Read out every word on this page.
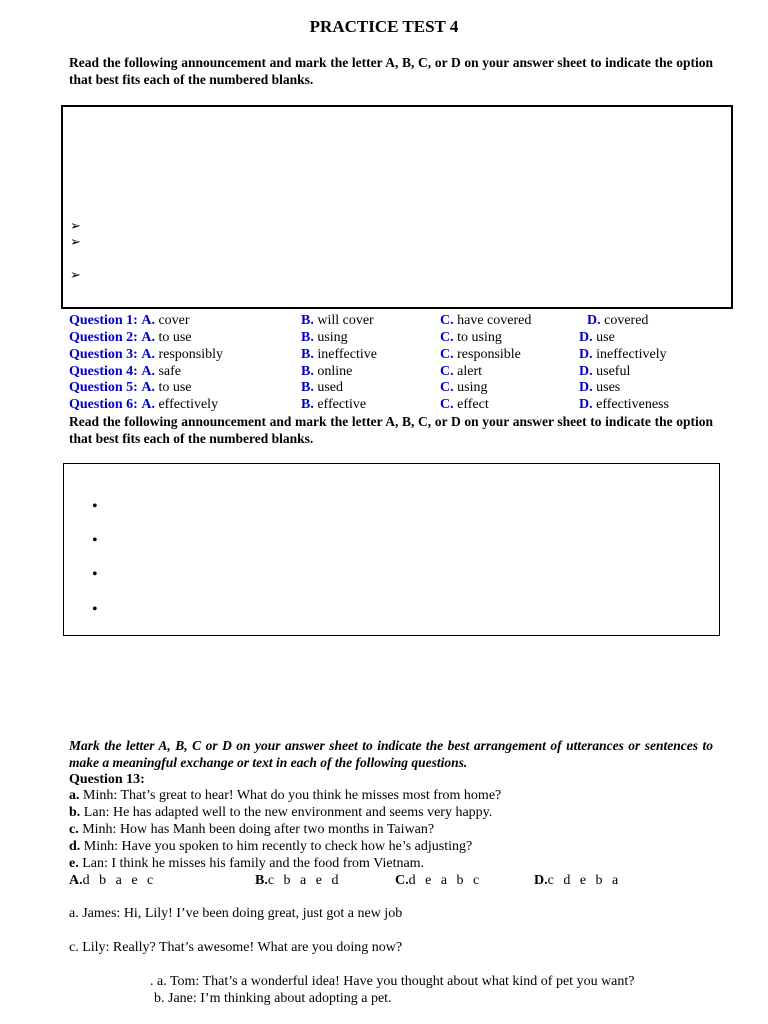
PRACTICE TEST 4
Read the following announcement and mark the letter A, B, C, or D on your answer sheet to indicate the option that best fits each of the numbered blanks.
➢
➢
➢
Question 1: A. cover	B. will cover	C. have covered	D. covered
Question 2: A. to use	B. using	C. to using	D. use
Question 3: A. responsibly	B. ineffective	C. responsible	D. ineffectively
Question 4: A. safe	B. online	C. alert	D. useful
Question 5: A. to use	B. used	C. using	D. uses
Question 6: A. effectively	B. effective	C. effect	D. effectiveness
Read the following announcement and mark the letter A, B, C, or D on your answer sheet to indicate the option that best fits each of the numbered blanks.
•
•
•
•
Mark the letter A, B, C or D on your answer sheet to indicate the best arrangement of utterances or sentences to make a meaningful exchange or text in each of the following questions.
Question 13:
a. Minh: That’s great to hear! What do you think he misses most from home?
b. Lan: He has adapted well to the new environment and seems very happy.
c. Minh: How has Manh been doing after two months in Taiwan?
d. Minh: Have you spoken to him recently to check how he’s adjusting?
e. Lan: I think he misses his family and the food from Vietnam.
A.d b a e c	B.c b a e d	C.d e a b c	D.c d e b a
a. James: Hi, Lily! I’ve been doing great, just got a new job
c. Lily: Really? That’s awesome! What are you doing now?
. a. Tom: That’s a wonderful idea! Have you thought about what kind of pet you want?
b. Jane: I’m thinking about adopting a pet.
